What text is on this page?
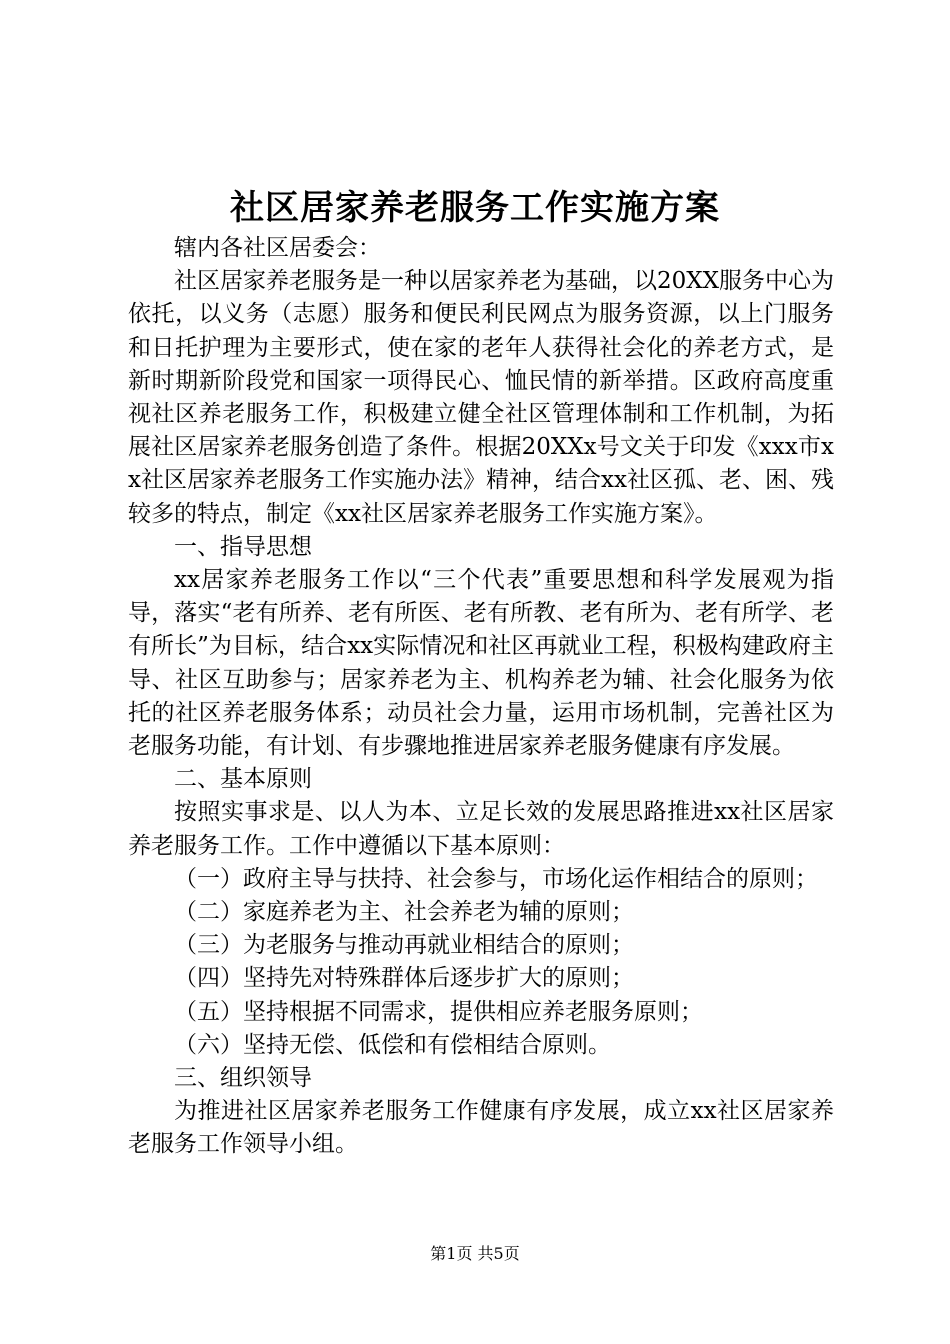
社区居家养老服务工作实施方案

辖内各社区居委会：

社区居家养老服务是一种以居家养老为基础，以20XX服务中心为依托，以义务（志愿）服务和便民利民网点为服务资源，以上门服务和日托护理为主要形式，使在家的老年人获得社会化的养老方式，是新时期新阶段党和国家一项得民心、恤民情的新举措。区政府高度重视社区养老服务工作，积极建立健全社区管理体制和工作机制，为拓展社区居家养老服务创造了条件。根据20XXx号文关于印发《xxx市xx社区居家养老服务工作实施办法》精神，结合xx社区孤、老、困、残较多的特点，制定《xx社区居家养老服务工作实施方案》。

一、指导思想

xx居家养老服务工作以“三个代表”重要思想和科学发展观为指导，落实“老有所养、老有所医、老有所教、老有所为、老有所学、老有所长”为目标，结合xx实际情况和社区再就业工程，积极构建政府主导、社区互助参与；居家养老为主、机构养老为辅、社会化服务为依托的社区养老服务体系；动员社会力量，运用市场机制，完善社区为老服务功能，有计划、有步骤地推进居家养老服务健康有序发展。

二、基本原则

按照实事求是、以人为本、立足长效的发展思路推进xx社区居家养老服务工作。工作中遵循以下基本原则：

（一）政府主导与扶持、社会参与，市场化运作相结合的原则；

（二）家庭养老为主、社会养老为辅的原则；

（三）为老服务与推动再就业相结合的原则；

（四）坚持先对特殊群体后逐步扩大的原则；

（五）坚持根据不同需求，提供相应养老服务原则；

（六）坚持无偿、低偿和有偿相结合原则。

三、组织领导

为推进社区居家养老服务工作健康有序发展，成立xx社区居家养老服务工作领导小组。

第1页 共5页
